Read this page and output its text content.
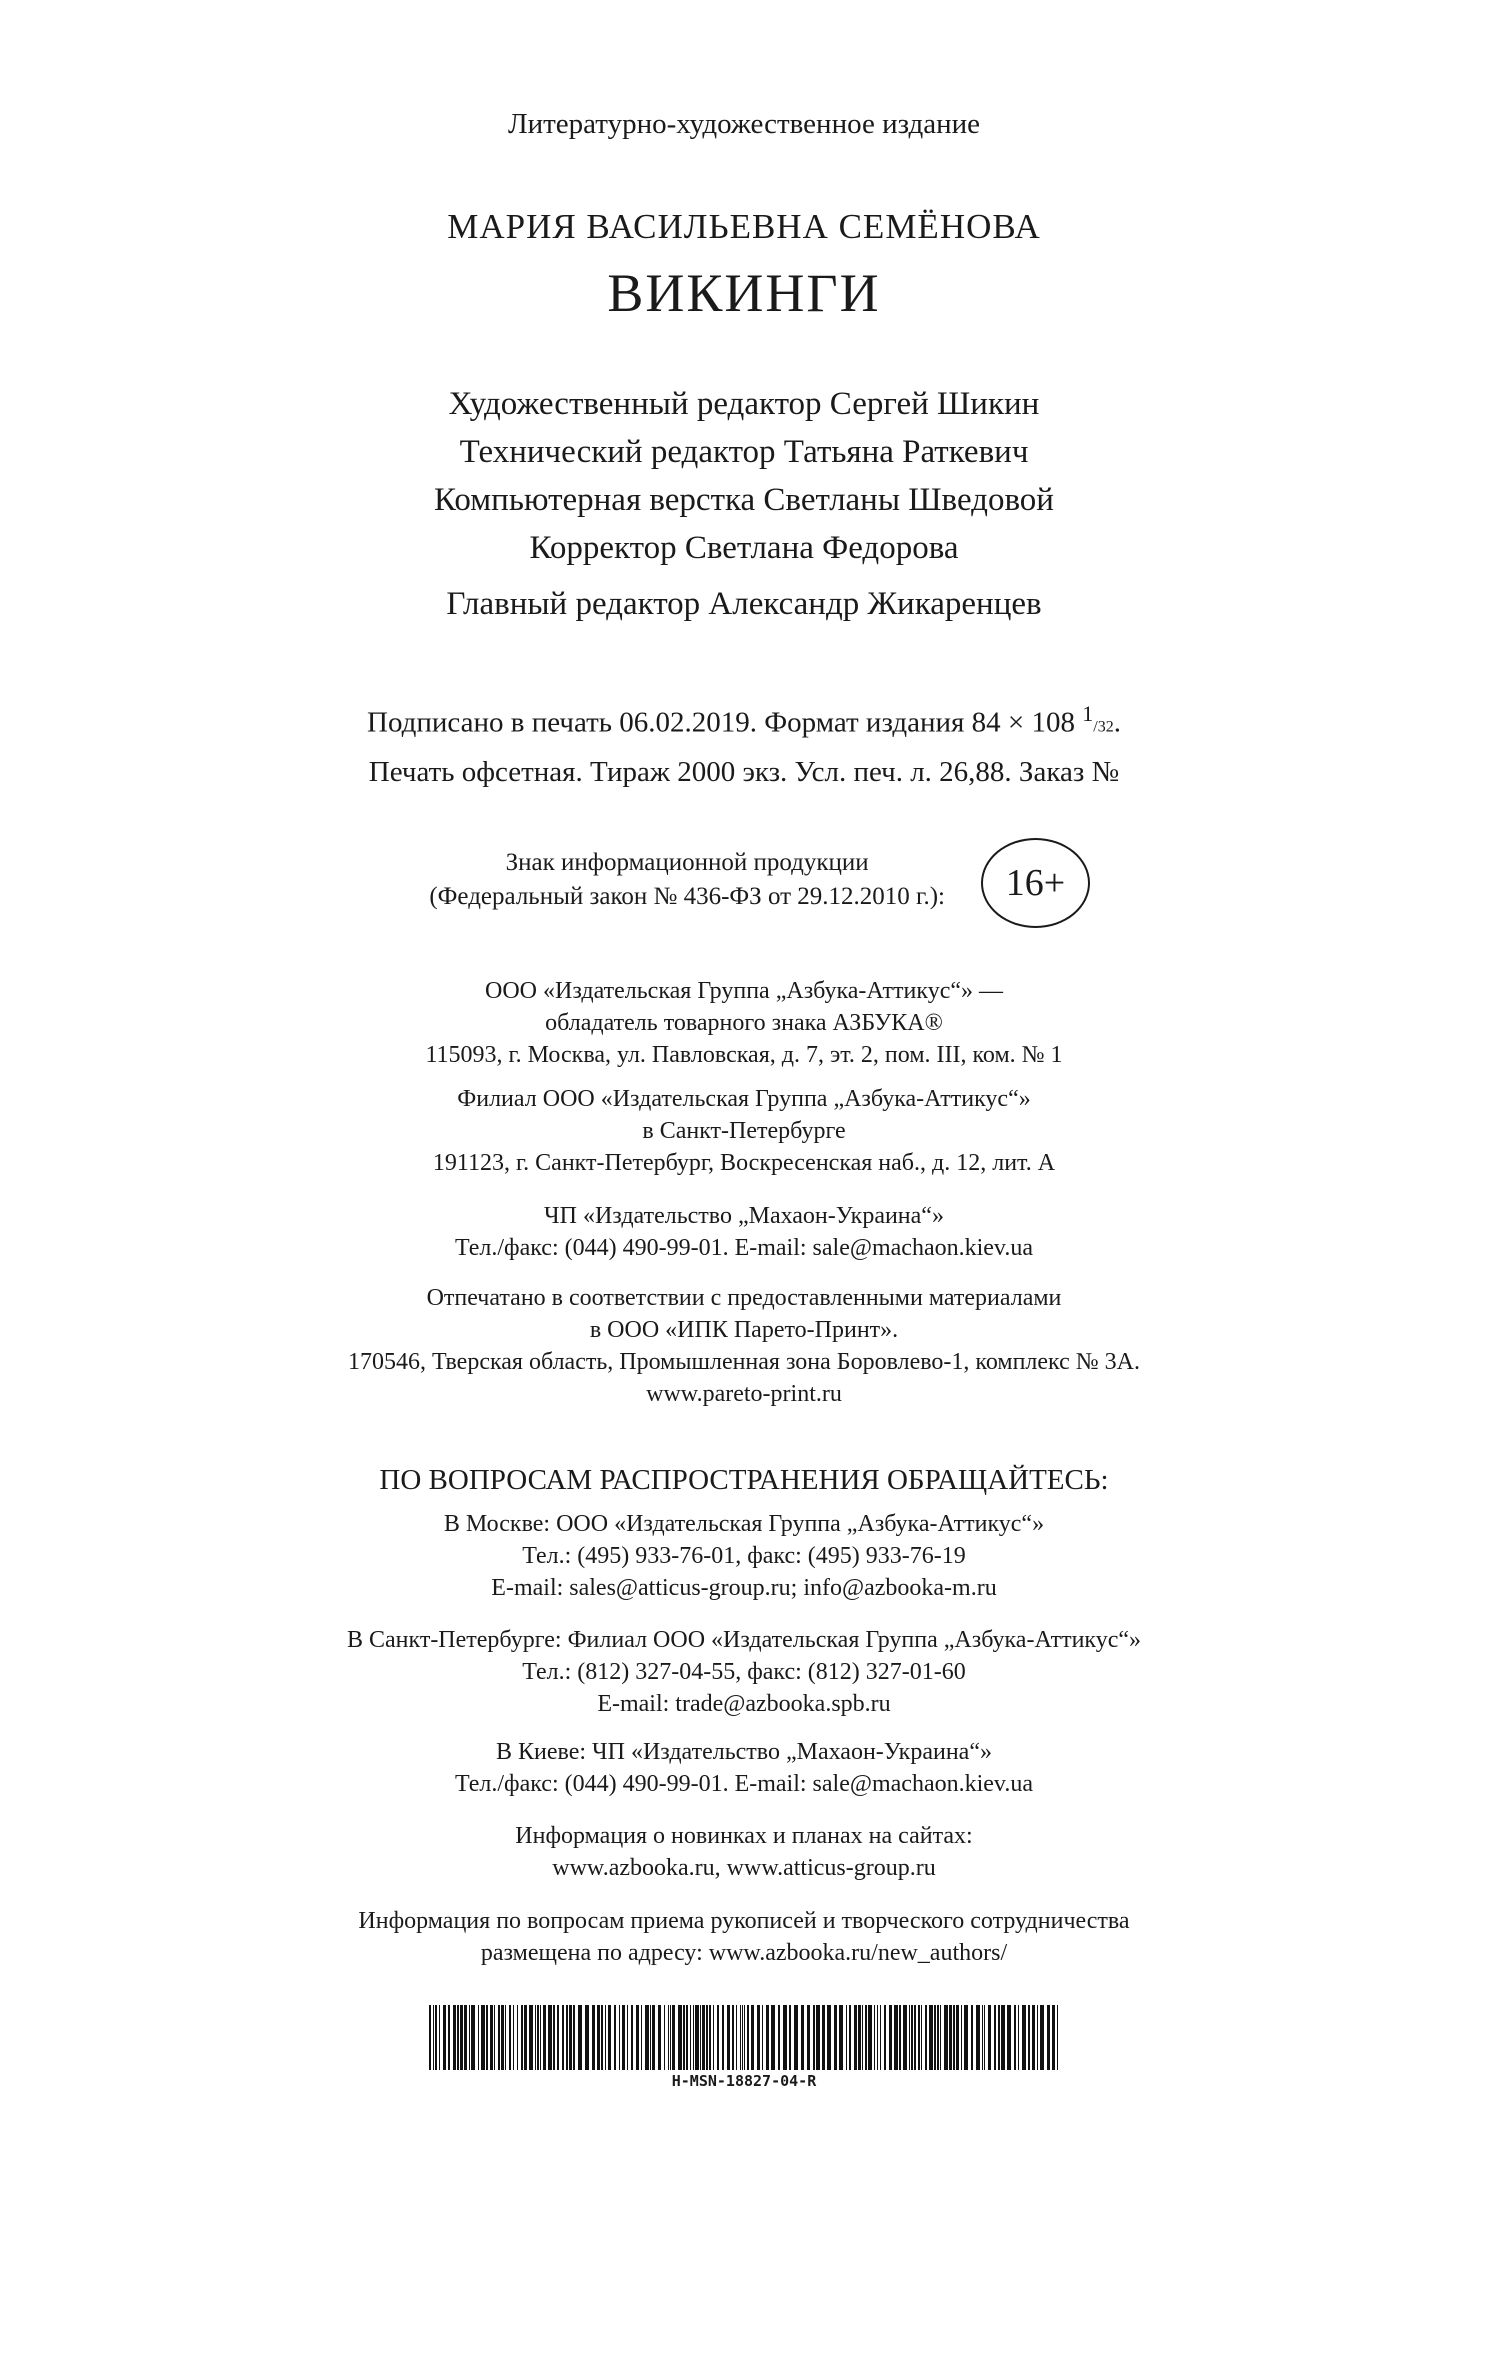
Литературно-художественное издание
МАРИЯ ВАСИЛЬЕВНА СЕМЁНОВА
ВИКИНГИ
Художественный редактор Сергей Шикин
Технический редактор Татьяна Раткевич
Компьютерная верстка Светланы Шведовой
Корректор Светлана Федорова
Главный редактор Александр Жикаренцев
Подписано в печать 06.02.2019. Формат издания 84 × 108 $^1$/32.
Печать офсетная. Тираж 2000 экз. Усл. печ. л. 26,88. Заказ №
Знак информационной продукции
(Федеральный закон № 436-ФЗ от 29.12.2010 г.):	16+
ООО «Издательская Группа „Азбука-Аттикус“» —
обладатель товарного знака АЗБУКА®
115093, г. Москва, ул. Павловская, д. 7, эт. 2, пом. III, ком. № 1
Филиал ООО «Издательская Группа „Азбука-Аттикус“»
в Санкт-Петербурге
191123, г. Санкт-Петербург, Воскресенская наб., д. 12, лит. А
ЧП «Издательство „Махаон-Украина“»
Тел./факс: (044) 490-99-01. E-mail: sale@machaon.kiev.ua
Отпечатано в соответствии с предоставленными материалами
в ООО «ИПК Парето-Принт».
170546, Тверская область, Промышленная зона Боровлево-1, комплекс № 3А.
www.pareto-print.ru
ПО ВОПРОСАМ РАСПРОСТРАНЕНИЯ ОБРАЩАЙТЕСЬ:
В Москве: ООО «Издательская Группа „Азбука-Аттикус“»
Тел.: (495) 933-76-01, факс: (495) 933-76-19
E-mail: sales@atticus-group.ru; info@azbooka-m.ru
В Санкт-Петербурге: Филиал ООО «Издательская Группа „Азбука-Аттикус“»
Тел.: (812) 327-04-55, факс: (812) 327-01-60
E-mail: trade@azbooka.spb.ru
В Киеве: ЧП «Издательство „Махаон-Украина“»
Тел./факс: (044) 490-99-01. E-mail: sale@machaon.kiev.ua
Информация о новинках и планах на сайтах:
www.azbooka.ru, www.atticus-group.ru
Информация по вопросам приема рукописей и творческого сотрудничества
размещена по адресу: www.azbooka.ru/new_authors/
H-MSN-18827-04-R
